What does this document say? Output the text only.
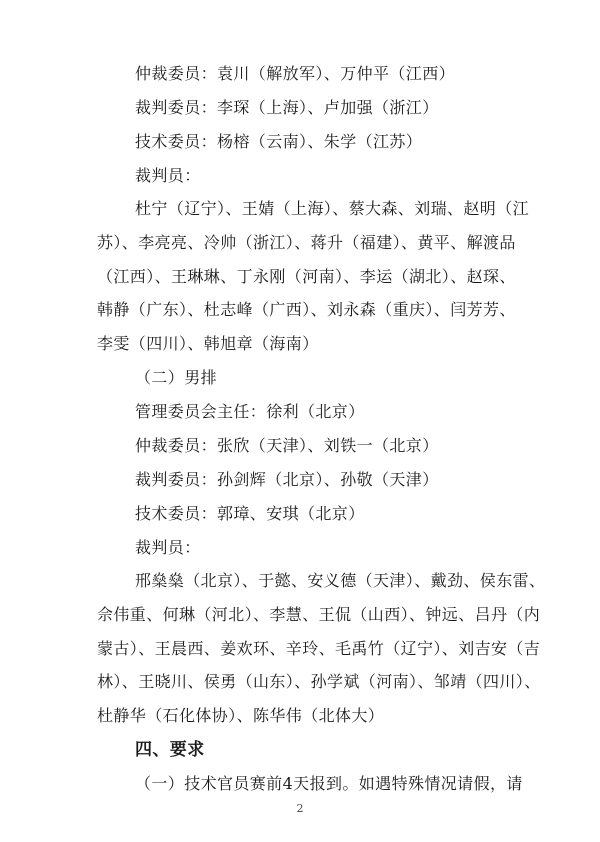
仲裁委员：袁川（解放军）、万仲平（江西）
裁判委员：李琛（上海）、卢加强（浙江）
技术委员：杨榕（云南）、朱学（江苏）
裁判员：
杜宁（辽宁）、王婧（上海）、蔡大森、刘瑞、赵明（江
苏）、李亮亮、冷帅（浙江）、蒋升（福建）、黄平、解渡品
（江西）、王琳琳、丁永刚（河南）、李运（湖北）、赵琛、
韩静（广东）、杜志峰（广西）、刘永森（重庆）、闫芳芳、
李雯（四川）、韩旭章（海南）
（二）男排
管理委员会主任：徐利（北京）
仲裁委员：张欣（天津）、刘铁一（北京）
裁判委员：孙剑辉（北京）、孙敬（天津）
技术委员：郭璋、安琪（北京）
裁判员：
邢燊燊（北京）、于懿、安义德（天津）、戴劲、侯东雷、
佘伟重、何琳（河北）、李慧、王侃（山西）、钟远、吕丹（内
蒙古）、王晨西、姜欢环、辛玲、毛禹竹（辽宁）、刘吉安（吉
林）、王晓川、侯勇（山东）、孙学斌（河南）、邹靖（四川）、
杜静华（石化体协）、陈华伟（北体大）
四、要求
（一）技术官员赛前4天报到。如遇特殊情况请假，请
2
